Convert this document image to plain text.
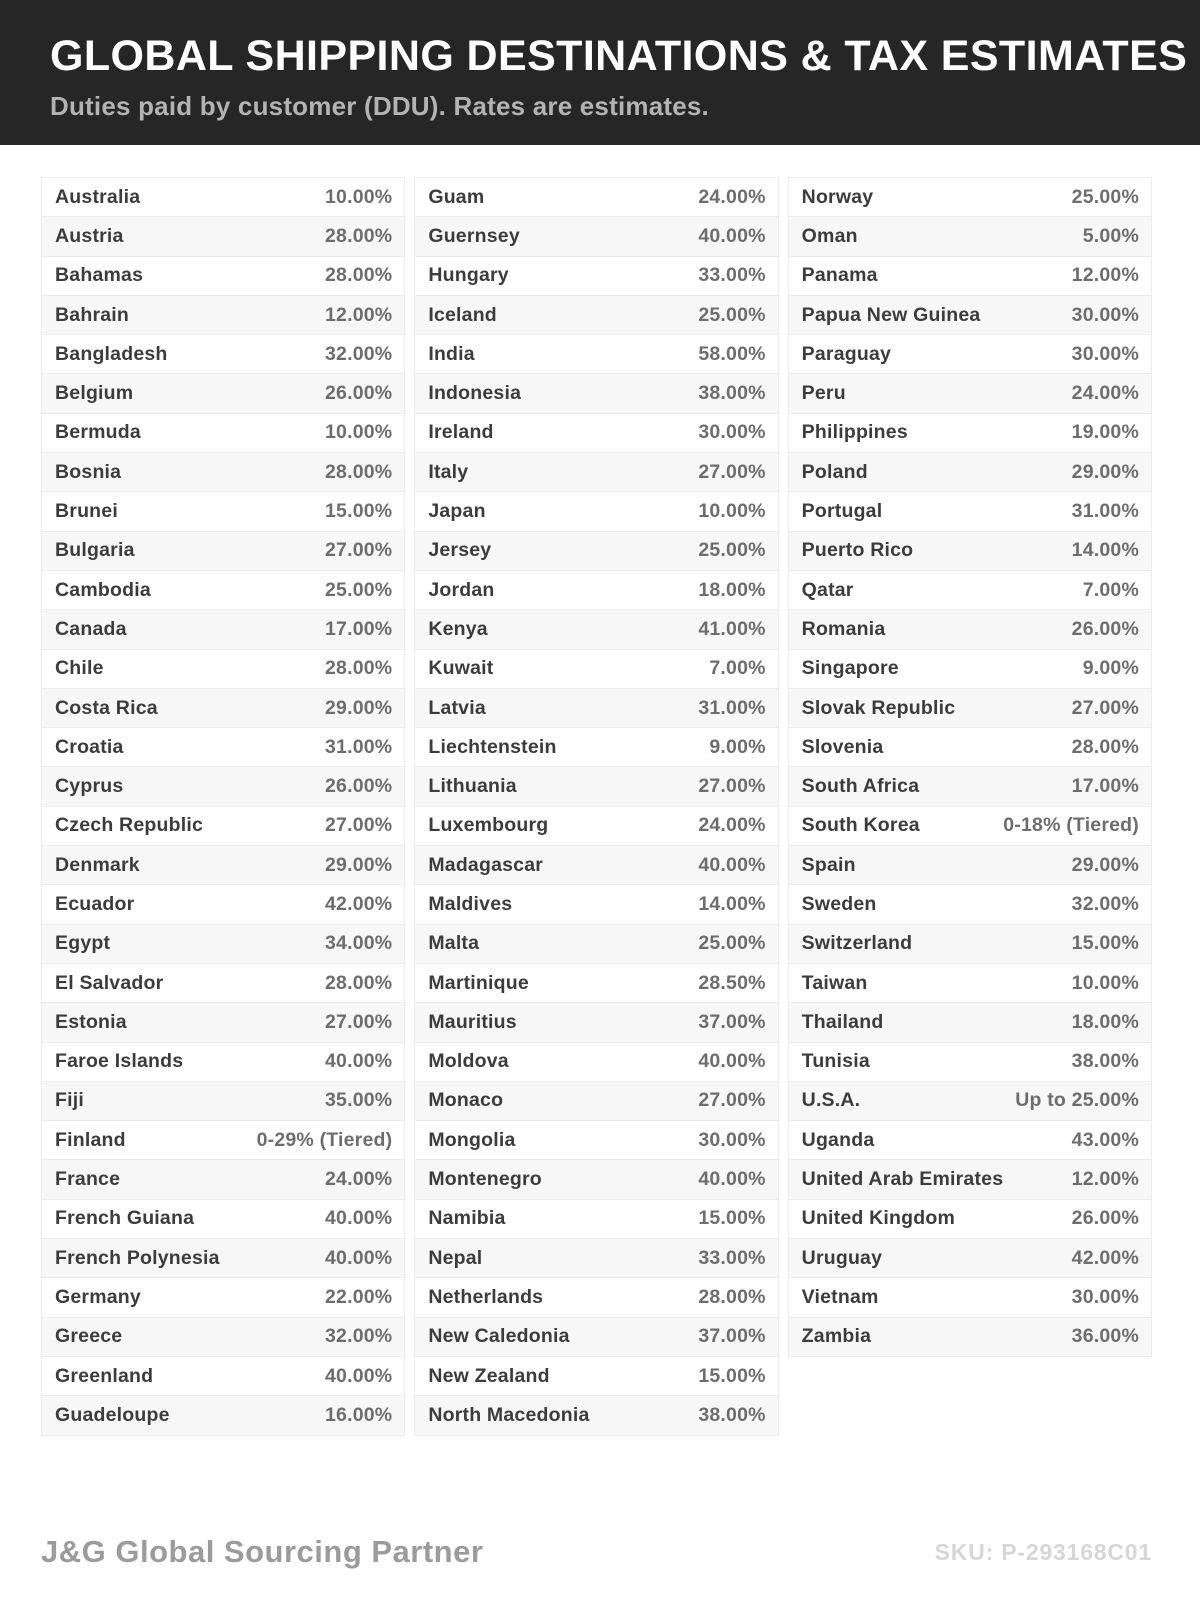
GLOBAL SHIPPING DESTINATIONS & TAX ESTIMATES
Duties paid by customer (DDU). Rates are estimates.
Australia	10.00%
Austria	28.00%
Bahamas	28.00%
Bahrain	12.00%
Bangladesh	32.00%
Belgium	26.00%
Bermuda	10.00%
Bosnia	28.00%
Brunei	15.00%
Bulgaria	27.00%
Cambodia	25.00%
Canada	17.00%
Chile	28.00%
Costa Rica	29.00%
Croatia	31.00%
Cyprus	26.00%
Czech Republic	27.00%
Denmark	29.00%
Ecuador	42.00%
Egypt	34.00%
El Salvador	28.00%
Estonia	27.00%
Faroe Islands	40.00%
Fiji	35.00%
Finland	0-29% (Tiered)
France	24.00%
French Guiana	40.00%
French Polynesia	40.00%
Germany	22.00%
Greece	32.00%
Greenland	40.00%
Guadeloupe	16.00%
Guam	24.00%
Guernsey	40.00%
Hungary	33.00%
Iceland	25.00%
India	58.00%
Indonesia	38.00%
Ireland	30.00%
Italy	27.00%
Japan	10.00%
Jersey	25.00%
Jordan	18.00%
Kenya	41.00%
Kuwait	7.00%
Latvia	31.00%
Liechtenstein	9.00%
Lithuania	27.00%
Luxembourg	24.00%
Madagascar	40.00%
Maldives	14.00%
Malta	25.00%
Martinique	28.50%
Mauritius	37.00%
Moldova	40.00%
Monaco	27.00%
Mongolia	30.00%
Montenegro	40.00%
Namibia	15.00%
Nepal	33.00%
Netherlands	28.00%
New Caledonia	37.00%
New Zealand	15.00%
North Macedonia	38.00%
Norway	25.00%
Oman	5.00%
Panama	12.00%
Papua New Guinea	30.00%
Paraguay	30.00%
Peru	24.00%
Philippines	19.00%
Poland	29.00%
Portugal	31.00%
Puerto Rico	14.00%
Qatar	7.00%
Romania	26.00%
Singapore	9.00%
Slovak Republic	27.00%
Slovenia	28.00%
South Africa	17.00%
South Korea	0-18% (Tiered)
Spain	29.00%
Sweden	32.00%
Switzerland	15.00%
Taiwan	10.00%
Thailand	18.00%
Tunisia	38.00%
U.S.A.	Up to 25.00%
Uganda	43.00%
United Arab Emirates	12.00%
United Kingdom	26.00%
Uruguay	42.00%
Vietnam	30.00%
Zambia	36.00%
J&G Global Sourcing Partner	SKU: P-293168C01
